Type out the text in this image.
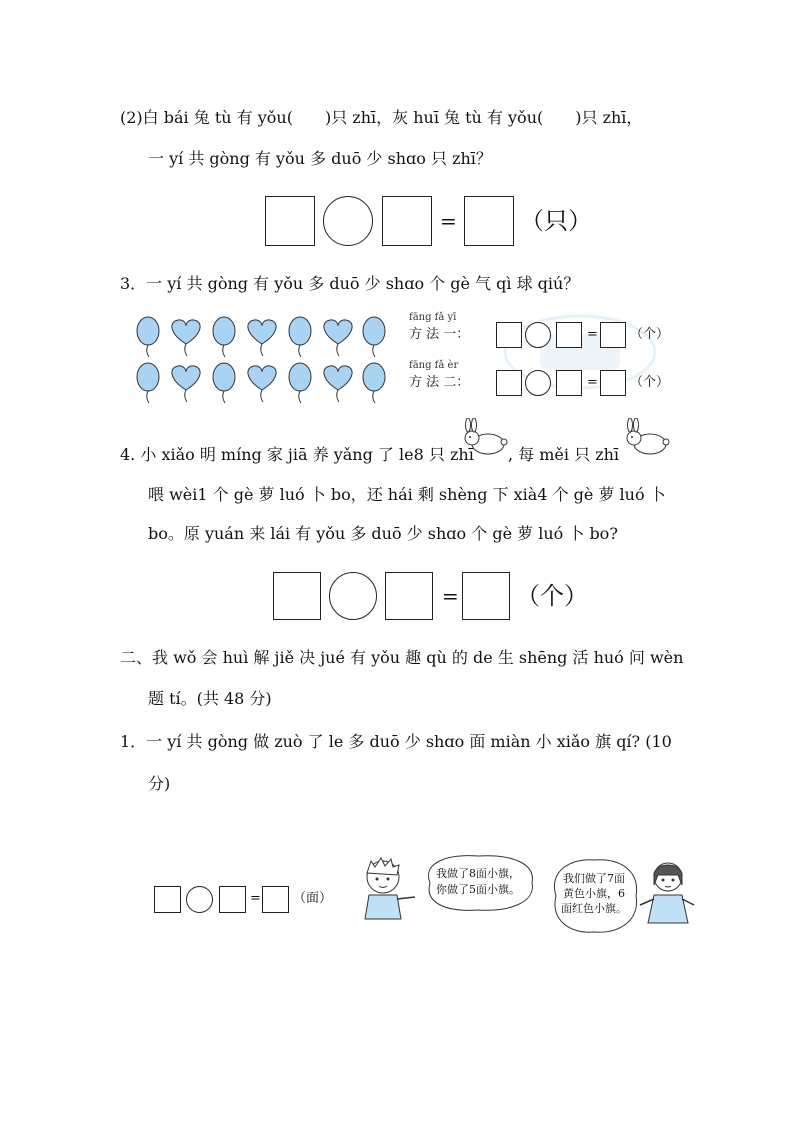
(2)白 bái 兔 tù 有 yǒu(　　)只 zhī，灰 huī 兔 tù 有 yǒu(　　)只 zhī，
一 yí 共 gòng 有 yǒu 多 duō 少 shɑo 只 zhī？
=	（只）
3．一 yí 共 gòng 有 yǒu 多 duō 少 shɑo 个 gè 气 qì 球 qiú？
fāng fǎ yī
方 法 一：	= （个）
fāng fǎ èr
方 法 二：	= （个）
4. 小 xiǎo 明 míng 家 jiā 养 yǎng 了 le8 只 zhī , 每 měi 只 zhī
喂 wèi1 个 gè 萝 luó 卜 bo，还 hái 剩 shèng 下 xià4 个 gè 萝 luó 卜
bo。原 yuán 来 lái 有 yǒu 多 duō 少 shɑo 个 gè 萝 luó 卜 bo?
= （个）
二、我 wǒ 会 huì 解 jiě 决 jué 有 yǒu 趣 qù 的 de 生 shēng 活 huó 问 wèn
题 tí。(共 48 分)
1．一 yí 共 gòng 做 zuò 了 le 多 duō 少 shɑo 面 miàn 小 xiǎo 旗 qí? (10
分)
= （面）
我做了8面小旗，
你做了5面小旗。
我们做了7面
黄色小旗，6
面红色小旗。
